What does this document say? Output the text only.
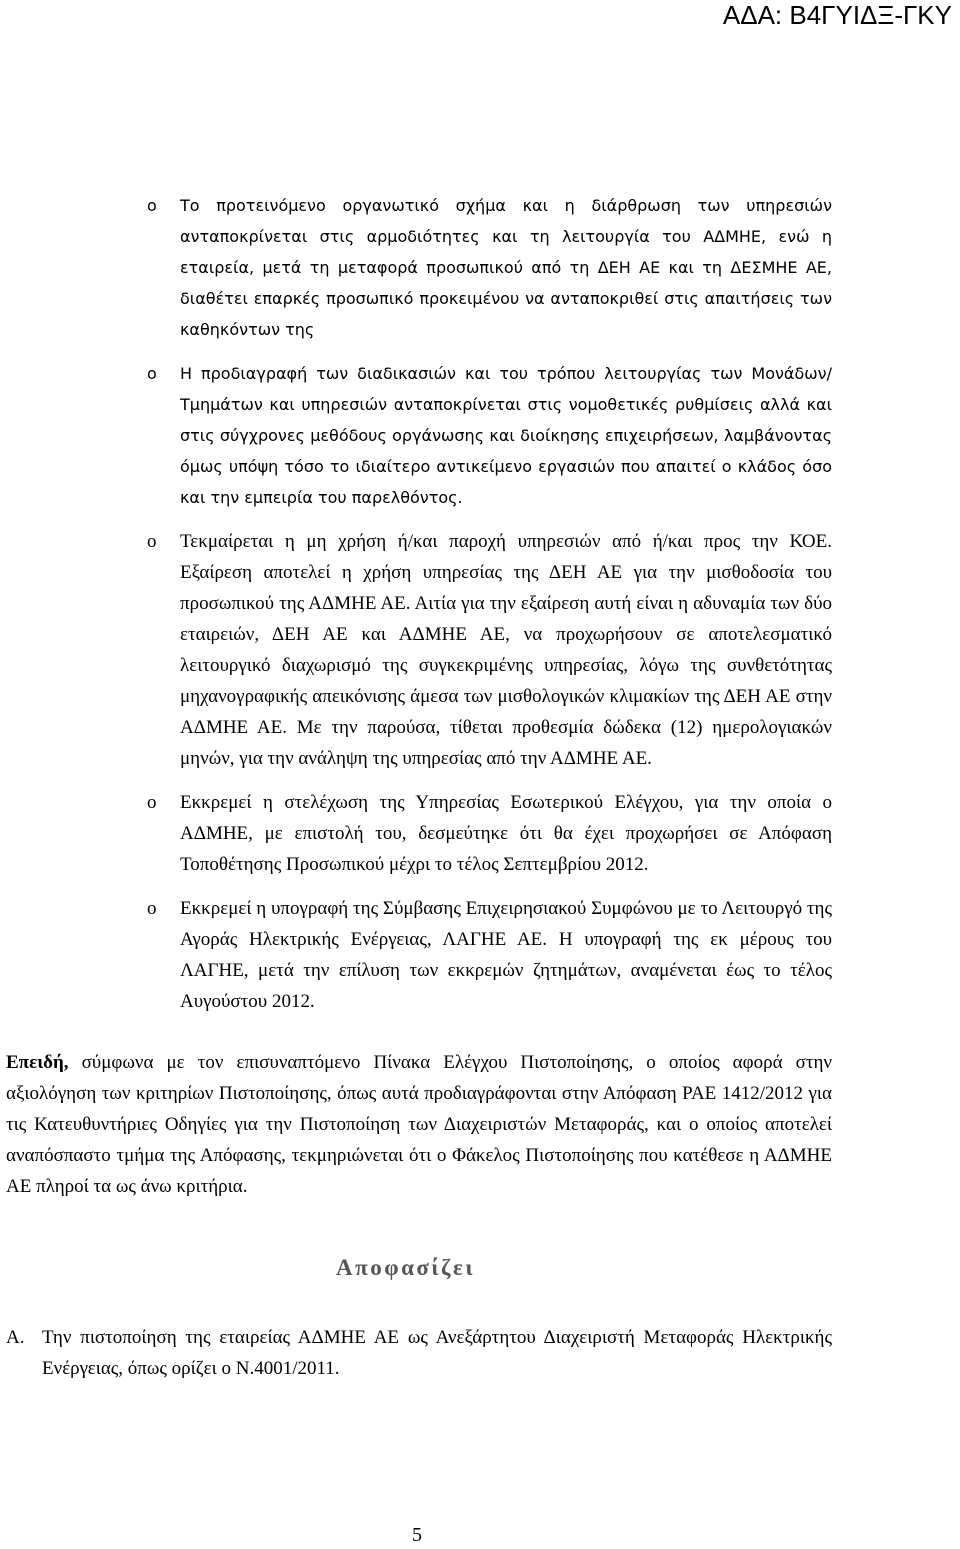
ΑΔΑ: Β4ΓΥΙΔΞ-ΓΚΥ
o Το προτεινόμενο οργανωτικό σχήμα και η διάρθρωση των υπηρεσιών ανταποκρίνεται στις αρμοδιότητες και τη λειτουργία του ΑΔΜΗΕ, ενώ η εταιρεία, μετά τη μεταφορά προσωπικού από τη ΔΕΗ ΑΕ και τη ΔΕΣΜΗΕ ΑΕ, διαθέτει επαρκές προσωπικό προκειμένου να ανταποκριθεί στις απαιτήσεις των καθηκόντων της
o Η προδιαγραφή των διαδικασιών και του τρόπου λειτουργίας των Μονάδων/Τμημάτων και υπηρεσιών ανταποκρίνεται στις νομοθετικές ρυθμίσεις αλλά και στις σύγχρονες μεθόδους οργάνωσης και διοίκησης επιχειρήσεων, λαμβάνοντας όμως υπόψη τόσο το ιδιαίτερο αντικείμενο εργασιών που απαιτεί ο κλάδος όσο και την εμπειρία του παρελθόντος.
o Τεκμαίρεται η μη χρήση ή/και παροχή υπηρεσιών από ή/και προς την ΚΟΕ. Εξαίρεση αποτελεί η χρήση υπηρεσίας της ΔΕΗ ΑΕ για την μισθοδοσία του προσωπικού της ΑΔΜΗΕ ΑΕ. Αιτία για την εξαίρεση αυτή είναι η αδυναμία των δύο εταιρειών, ΔΕΗ ΑΕ και ΑΔΜΗΕ ΑΕ, να προχωρήσουν σε αποτελεσματικό λειτουργικό διαχωρισμό της συγκεκριμένης υπηρεσίας, λόγω της συνθετότητας μηχανογραφικής απεικόνισης άμεσα των μισθολογικών κλιμακίων της ΔΕΗ ΑΕ στην ΑΔΜΗΕ ΑΕ. Με την παρούσα, τίθεται προθεσμία δώδεκα (12) ημερολογιακών μηνών, για την ανάληψη της υπηρεσίας από την ΑΔΜΗΕ ΑΕ.
o Εκκρεμεί η στελέχωση της Υπηρεσίας Εσωτερικού Ελέγχου, για την οποία ο ΑΔΜΗΕ, με επιστολή του, δεσμεύτηκε ότι θα έχει προχωρήσει σε Απόφαση Τοποθέτησης Προσωπικού μέχρι το τέλος Σεπτεμβρίου 2012.
o Εκκρεμεί η υπογραφή της Σύμβασης Επιχειρησιακού Συμφώνου με το Λειτουργό της Αγοράς Ηλεκτρικής Ενέργειας, ΛΑΓΗΕ ΑΕ. Η υπογραφή της εκ μέρους του ΛΑΓΗΕ, μετά την επίλυση των εκκρεμών ζητημάτων, αναμένεται έως το τέλος Αυγούστου 2012.

Επειδή, σύμφωνα με τον επισυναπτόμενο Πίνακα Ελέγχου Πιστοποίησης, ο οποίος αφορά στην αξιολόγηση των κριτηρίων Πιστοποίησης, όπως αυτά προδιαγράφονται στην Απόφαση ΡΑΕ 1412/2012 για τις Κατευθυντήριες Οδηγίες για την Πιστοποίηση των Διαχειριστών Μεταφοράς, και ο οποίος αποτελεί αναπόσπαστο τμήμα της Απόφασης, τεκμηριώνεται ότι ο Φάκελος Πιστοποίησης που κατέθεσε η ΑΔΜΗΕ ΑΕ πληροί τα ως άνω κριτήρια.

Αποφασίζει

Α. Την πιστοποίηση της εταιρείας ΑΔΜΗΕ ΑΕ ως Ανεξάρτητου Διαχειριστή Μεταφοράς Ηλεκτρικής Ενέργειας, όπως ορίζει ο Ν.4001/2011.

5
